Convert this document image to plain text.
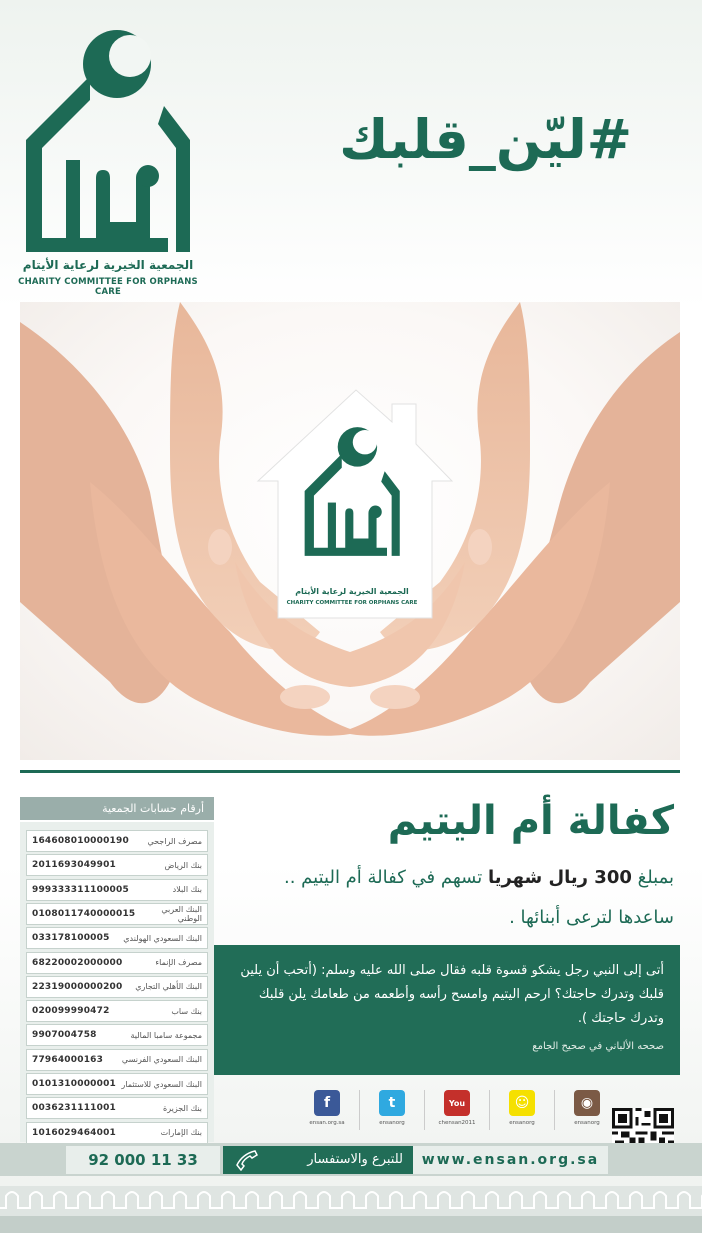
الجمعية الخيرية لرعاية الأيتام
CHARITY COMMITTEE FOR ORPHANS CARE
#ليّن_قلبك
الجمعية الخيرية لرعاية الأيتام
CHARITY COMMITTEE FOR ORPHANS CARE
أرقام حسابات الجمعية
164608010000190 مصرف الراجحي
2011693049901	بنك الرياض
999333311100005	بنك البلاد
0108011740000015	البنك العربي الوطني
033178100005 البنك السعودي الهولندي
68220002000000	مصرف الإنماء
22319000000200 البنك الأهلي التجاري
020099990472	بنك ساب
9907004758	مجموعة سامبا المالية
77964000163 البنك السعودي الفرنسي
0101310000001 البنك السعودي للاستثمار
0036231111001	بنك الجزيرة
1016029464001	بنك الإمارات
كفالة أم اليتيم
بمبلغ 300 ريال شهريا تسهم في كفالة أم اليتيم ..
ساعدها لترعى أبنائها .
أتى إلى النبي رجل يشكو قسوة قلبه فقال صلى الله عليه وسلم: (أتحب أن يلين قلبك وتدرك حاجتك؟ ارحم اليتيم وامسح رأسه وأطعمه من طعامك يلن قلبك وتدرك حاجتك ).
صححه الألباني في صحيح الجامع
f
ensan.org.sa
t
ensanorg
You
chensan2011
☺
ensanorg
◉
ensanorg
92 000 11 33	للتبرع والاستفسار	www.ensan.org.sa
